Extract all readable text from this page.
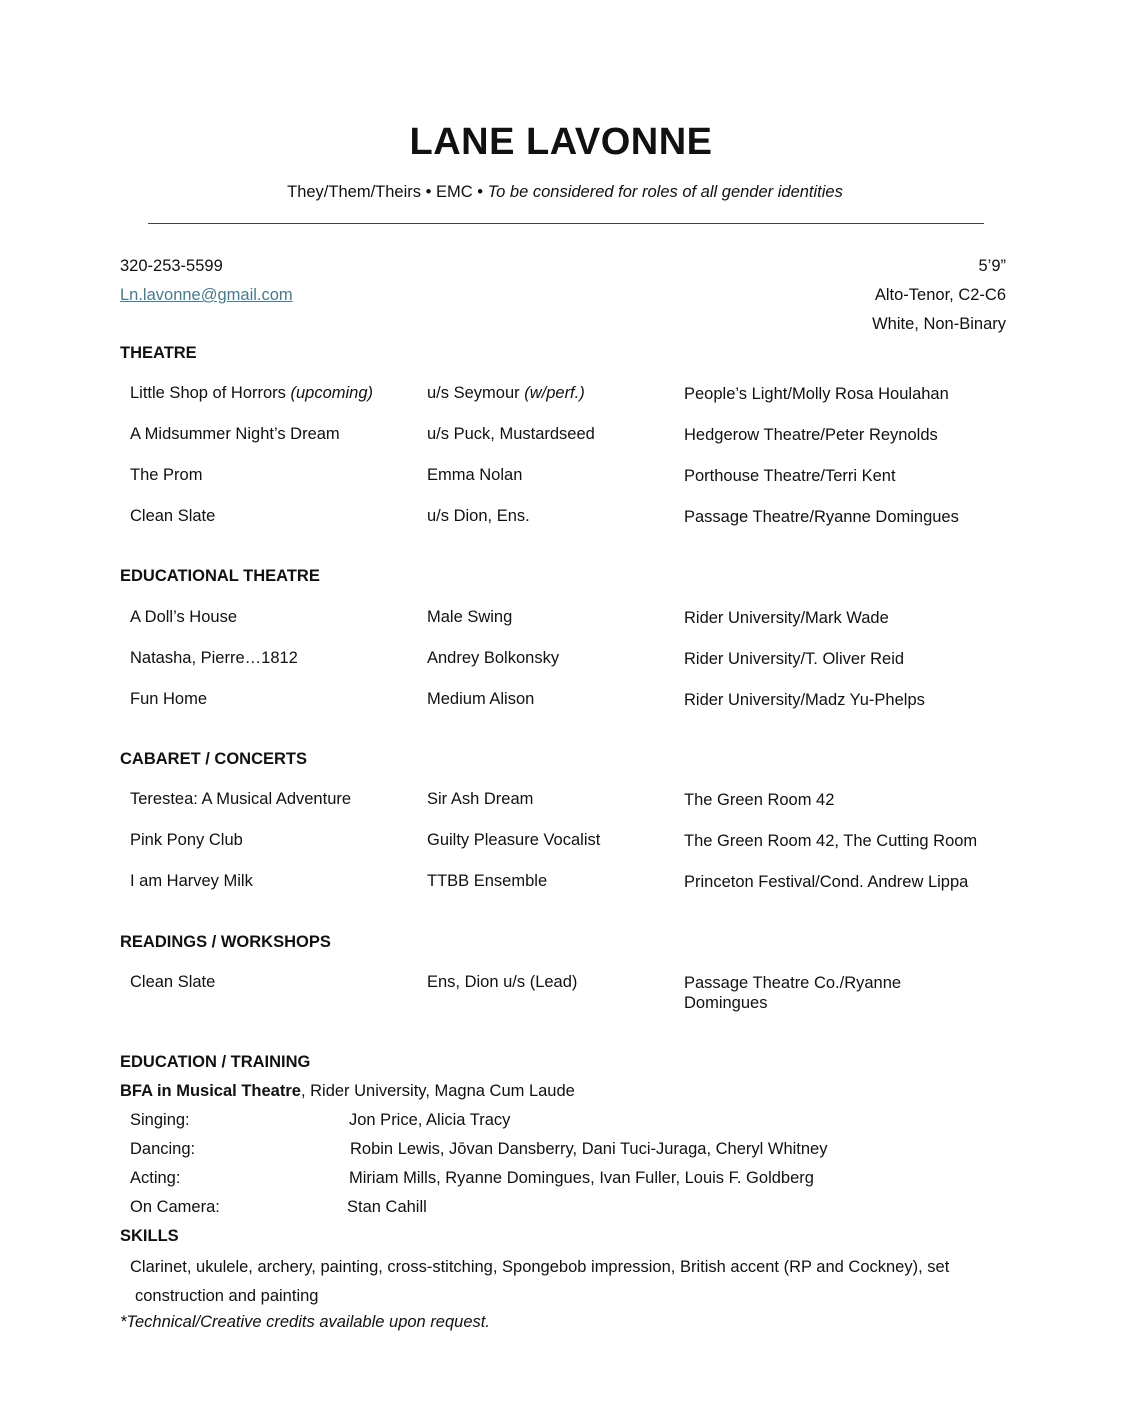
LANE LAVONNE
They/Them/Theirs • EMC • To be considered for roles of all gender identities
320-253-5599
Ln.lavonne@gmail.com
5’9”
Alto-Tenor, C2-C6
White, Non-Binary
THEATRE
Little Shop of Horrors (upcoming)	u/s Seymour (w/perf.)	People’s Light/Molly Rosa Houlahan
A Midsummer Night’s Dream	u/s Puck, Mustardseed	Hedgerow Theatre/Peter Reynolds
The Prom	Emma Nolan	Porthouse Theatre/Terri Kent
Clean Slate	u/s Dion, Ens.	Passage Theatre/Ryanne Domingues
EDUCATIONAL THEATRE
A Doll’s House	Male Swing	Rider University/Mark Wade
Natasha, Pierre…1812	Andrey Bolkonsky	Rider University/T. Oliver Reid
Fun Home	Medium Alison	Rider University/Madz Yu-Phelps
CABARET / CONCERTS
Terestea: A Musical Adventure	Sir Ash Dream	The Green Room 42
Pink Pony Club	Guilty Pleasure Vocalist	The Green Room 42, The Cutting Room
I am Harvey Milk	TTBB Ensemble	Princeton Festival/Cond. Andrew Lippa
READINGS / WORKSHOPS
Clean Slate	Ens, Dion u/s (Lead)	Passage Theatre Co./Ryanne Domingues
EDUCATION / TRAINING
BFA in Musical Theatre, Rider University, Magna Cum Laude
Singing:	Jon Price, Alicia Tracy
Dancing:	Robin Lewis, Jōvan Dansberry, Dani Tuci-Juraga, Cheryl Whitney
Acting:	Miriam Mills, Ryanne Domingues, Ivan Fuller, Louis F. Goldberg
On Camera:	Stan Cahill
SKILLS
Clarinet, ukulele, archery, painting, cross-stitching, Spongebob impression, British accent (RP and Cockney), set
construction and painting
*Technical/Creative credits available upon request.
